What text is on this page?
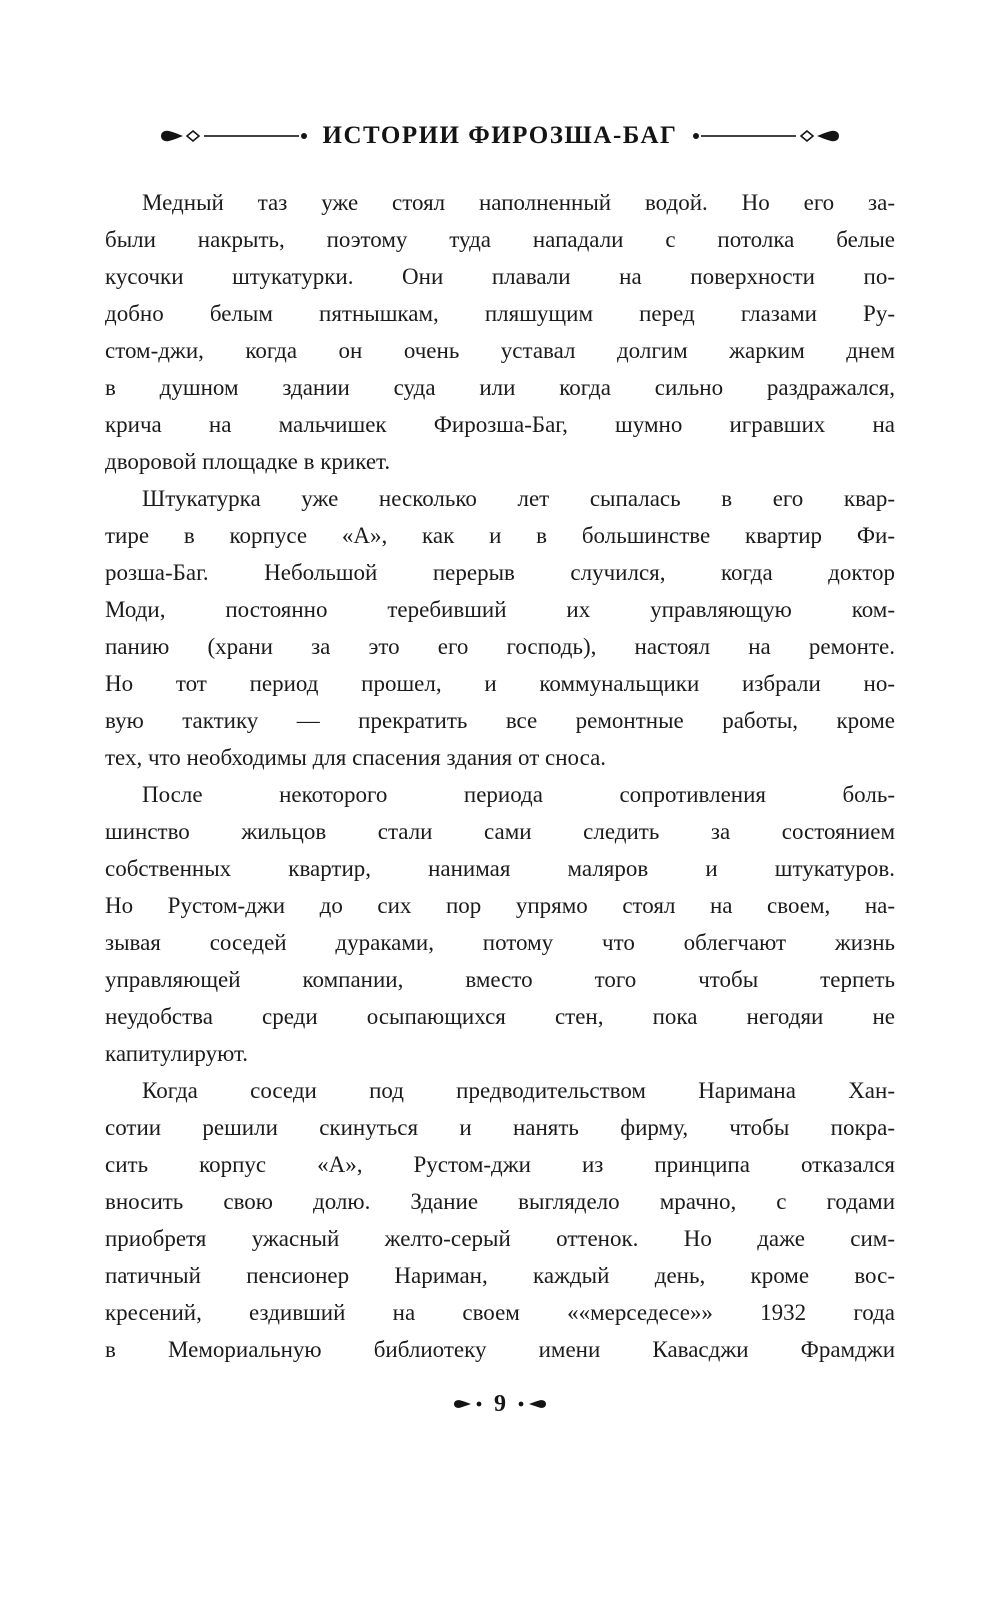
ИСТОРИИ ФИРОЗША-БАГ
Медный таз уже стоял наполненный водой. Но его за-
были накрыть, поэтому туда нападали с потолка белые
кусочки штукатурки. Они плавали на поверхности по-
добно белым пятнышкам, пляшущим перед глазами Ру-
стом-джи, когда он очень уставал долгим жарким днем
в душном здании суда или когда сильно раздражался,
крича на мальчишек Фирозша-Баг, шумно игравших на
дворовой площадке в крикет.
Штукатурка уже несколько лет сыпалась в его квар-
тире в корпусе «А», как и в большинстве квартир Фи-
розша-Баг. Небольшой перерыв случился, когда доктор
Моди, постоянно теребивший их управляющую ком-
панию (храни за это его господь), настоял на ремонте.
Но тот период прошел, и коммунальщики избрали но-
вую тактику — прекратить все ремонтные работы, кроме
тех, что необходимы для спасения здания от сноса.
После некоторого периода сопротивления боль-
шинство жильцов стали сами следить за состоянием
собственных квартир, нанимая маляров и штукатуров.
Но Рустом-джи до сих пор упрямо стоял на своем, на-
зывая соседей дураками, потому что облегчают жизнь
управляющей компании, вместо того чтобы терпеть
неудобства среди осыпающихся стен, пока негодяи не
капитулируют.
Когда соседи под предводительством Наримана Хан-
сотии решили скинуться и нанять фирму, чтобы покра-
сить корпус «А», Рустом-джи из принципа отказался
вносить свою долю. Здание выглядело мрачно, с годами
приобретя ужасный желто-серый оттенок. Но даже сим-
патичный пенсионер Нариман, каждый день, кроме вос-
кресений, ездивший на своем ««мерседесе»» 1932 года
в Мемориальную библиотеку имени Кавасджи Фрамджи
9
